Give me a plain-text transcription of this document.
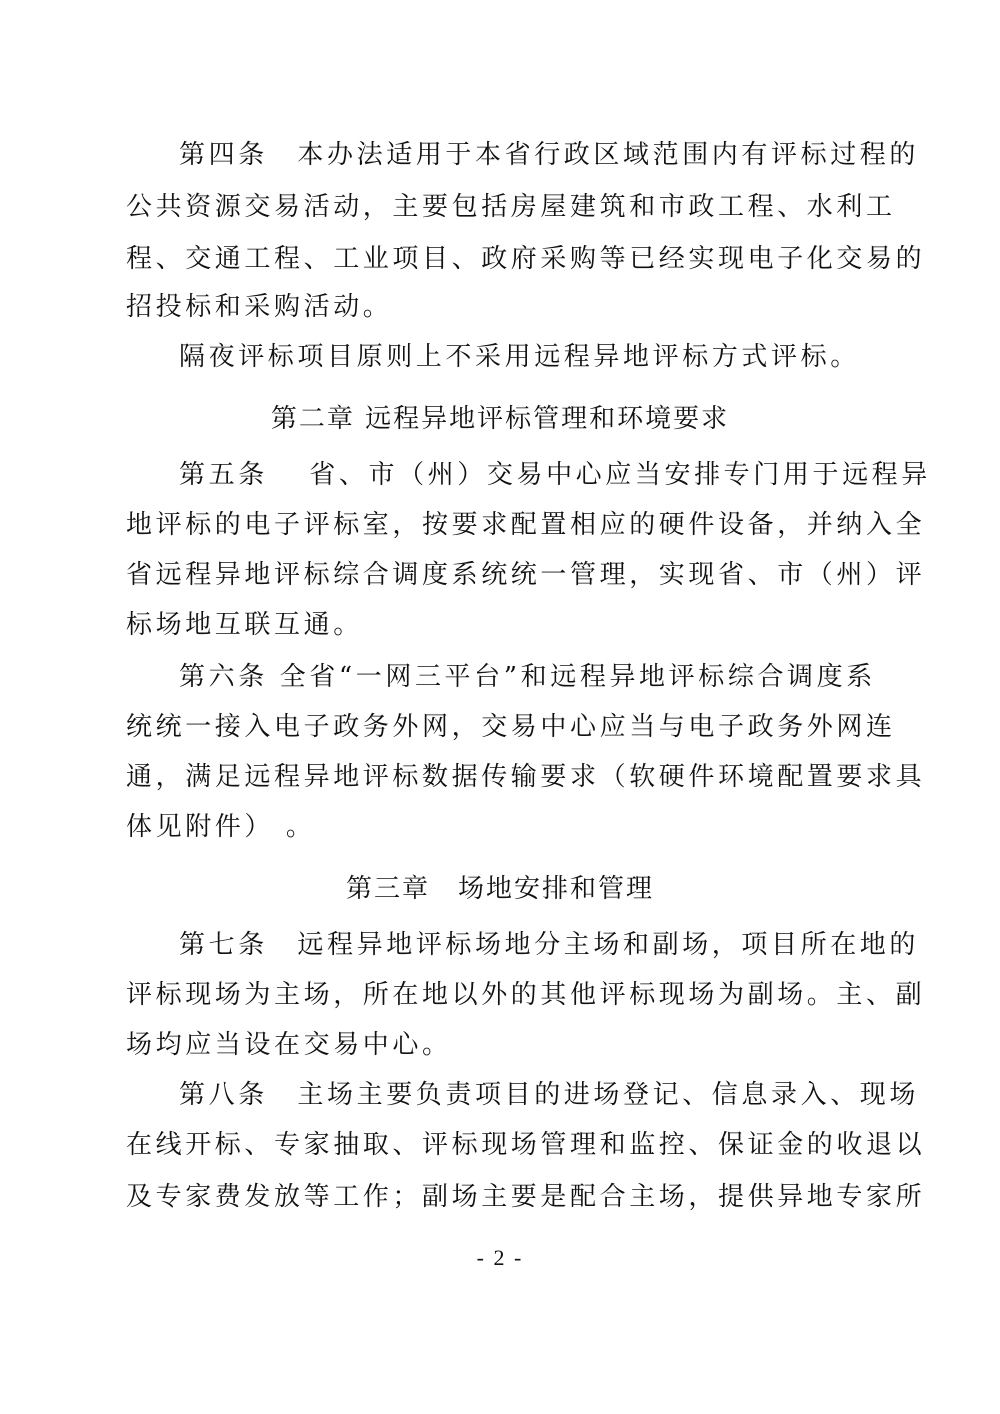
第四条　本办法适用于本省行政区域范围内有评标过程的
公共资源交易活动，主要包括房屋建筑和市政工程、水利工
程、交通工程、工业项目、政府采购等已经实现电子化交易的
招投标和采购活动。
隔夜评标项目原则上不采用远程异地评标方式评标。
第二章 远程异地评标管理和环境要求
第五条　 省、市（州）交易中心应当安排专门用于远程异
地评标的电子评标室，按要求配置相应的硬件设备，并纳入全
省远程异地评标综合调度系统统一管理，实现省、市（州）评
标场地互联互通。
第六条 全省“一网三平台”和远程异地评标综合调度系
统统一接入电子政务外网，交易中心应当与电子政务外网连
通，满足远程异地评标数据传输要求（软硬件环境配置要求具
体见附件） 。
第三章　场地安排和管理
第七条　远程异地评标场地分主场和副场，项目所在地的
评标现场为主场，所在地以外的其他评标现场为副场。主、副
场均应当设在交易中心。
第八条　主场主要负责项目的进场登记、信息录入、现场
在线开标、专家抽取、评标现场管理和监控、保证金的收退以
及专家费发放等工作；副场主要是配合主场，提供异地专家所
- 2 -
